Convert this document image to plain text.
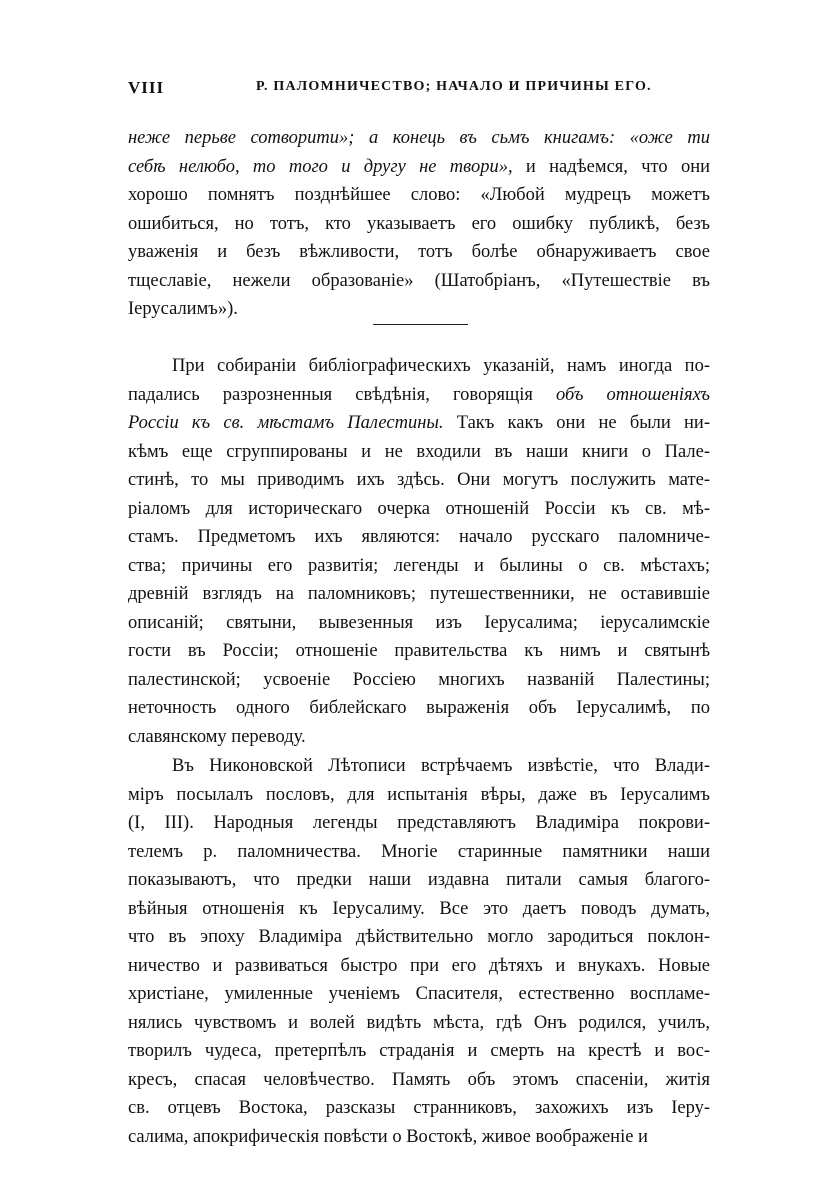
VIII	Р. ПАЛОМНИЧЕСТВО; НАЧАЛО И ПРИЧИНЫ ЕГО.
неже перьве сотворити»; а конець въ сьмъ книгамъ: «оже ти
себѣ нелюбо, то того и другу не твори», и надѣемся, что они
хорошо помнятъ позднѣйшее слово: «Любой мудрецъ можетъ
ошибиться, но тотъ, кто указываетъ его ошибку публикѣ, безъ
уваженія и безъ вѣжливости, тотъ болѣе обнаруживаетъ свое
тщеславіе, нежели образованіе» (Шатобріанъ, «Путешествіе въ
Іерусалимъ»).
При собираніи библіографическихъ указаній, намъ иногда по-
падались разрозненныя свѣдѣнія, говорящія объ отношеніяхъ
Россіи къ св. мѣстамъ Палестины. Такъ какъ они не были ни-
кѣмъ еще сгруппированы и не входили въ наши книги о Пале-
стинѣ, то мы приводимъ ихъ здѣсь. Они могутъ послужить мате-
ріаломъ для историческаго очерка отношеній Россіи къ св. мѣ-
стамъ. Предметомъ ихъ являются: начало русскаго паломниче-
ства; причины его развитія; легенды и былины о св. мѣстахъ;
древній взглядъ на паломниковъ; путешественники, не оставившіе
описаній; святыни, вывезенныя изъ Іерусалима; іерусалимскіе
гости въ Россіи; отношеніе правительства къ нимъ и святынѣ
палестинской; усвоеніе Россіею многихъ названій Палестины;
неточность одного библейскаго выраженія объ Іерусалимѣ, по
славянскому переводу.
Въ Никоновской Лѣтописи встрѣчаемъ извѣстіе, что Влади-
міръ посылалъ пословъ, для испытанія вѣры, даже въ Іерусалимъ
(I, III). Народныя легенды представляютъ Владиміра покрови-
телемъ р. паломничества. Многіе старинные памятники наши
показываютъ, что предки наши издавна питали самыя благого-
вѣйныя отношенія къ Іерусалиму. Все это даетъ поводъ думать,
что въ эпоху Владиміра дѣйствительно могло зародиться поклон-
ничество и развиваться быстро при его дѣтяхъ и внукахъ. Новые
христіане, умиленные ученіемъ Спасителя, естественно воспламе-
нялись чувствомъ и волей видѣть мѣста, гдѣ Онъ родился, училъ,
творилъ чудеса, претерпѣлъ страданія и смерть на крестѣ и вос-
кресъ, спасая человѣчество. Память объ этомъ спасеніи, житія
св. отцевъ Востока, разсказы странниковъ, захожихъ изъ Іеру-
салима, апокрифическія повѣсти о Востокѣ, живое воображеніе и
